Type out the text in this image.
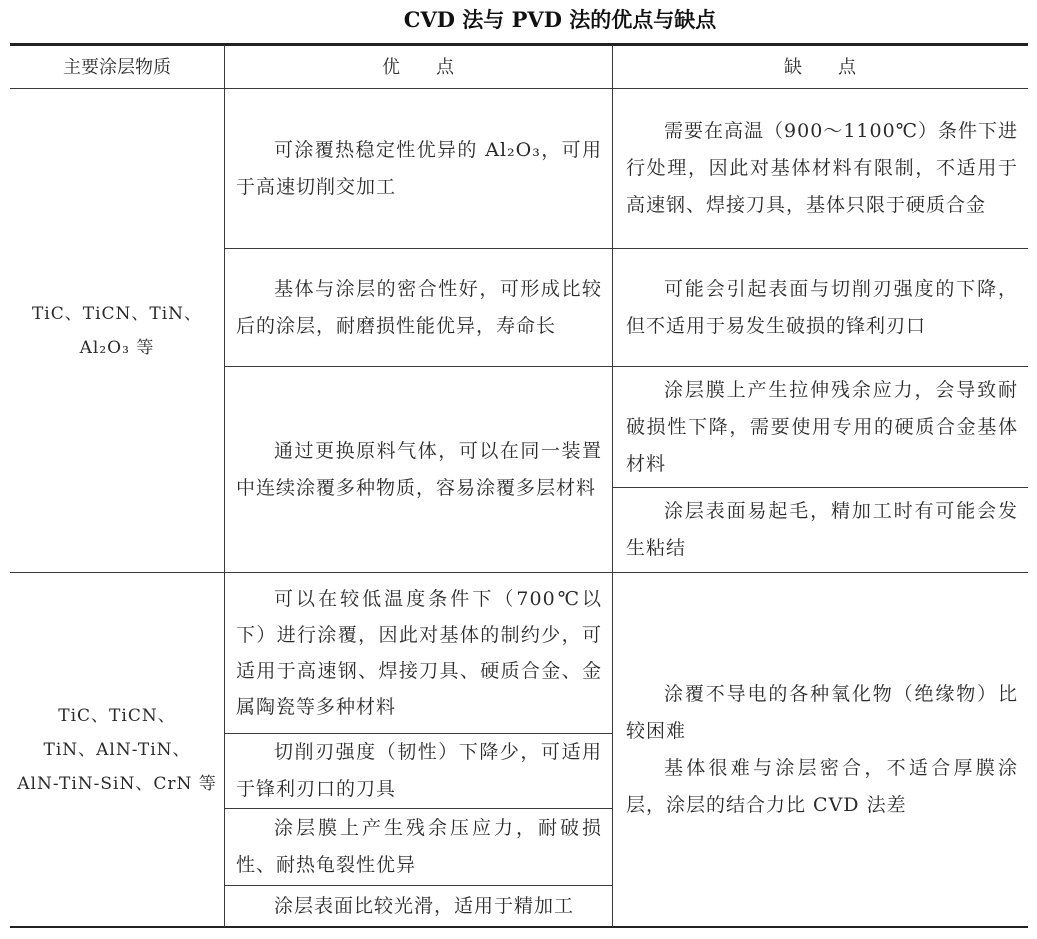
CVD 法与 PVD 法的优点与缺点
主要涂层物质	优　　点	缺　　点
TiC、TiCN、TiN、
Al₂O₃ 等
可涂覆热稳定性优异的 Al₂O₃，可用于高速切削交加工
基体与涂层的密合性好，可形成比较后的涂层，耐磨损性能优异，寿命长
通过更换原料气体，可以在同一装置中连续涂覆多种物质，容易涂覆多层材料
需要在高温（900～1100℃）条件下进行处理，因此对基体材料有限制，不适用于高速钢、焊接刀具，基体只限于硬质合金
可能会引起表面与切削刃强度的下降，但不适用于易发生破损的锋利刃口
涂层膜上产生拉伸残余应力，会导致耐破损性下降，需要使用专用的硬质合金基体材料
涂层表面易起毛，精加工时有可能会发生粘结
TiC、TiCN、
TiN、AlN-TiN、
AlN-TiN-SiN、CrN 等
可以在较低温度条件下（700℃以下）进行涂覆，因此对基体的制约少，可适用于高速钢、焊接刀具、硬质合金、金属陶瓷等多种材料
切削刃强度（韧性）下降少，可适用于锋利刃口的刀具
涂层膜上产生残余压应力，耐破损性、耐热龟裂性优异
涂层表面比较光滑，适用于精加工
涂覆不导电的各种氧化物（绝缘物）比较困难
基体很难与涂层密合，不适合厚膜涂层，涂层的结合力比 CVD 法差
